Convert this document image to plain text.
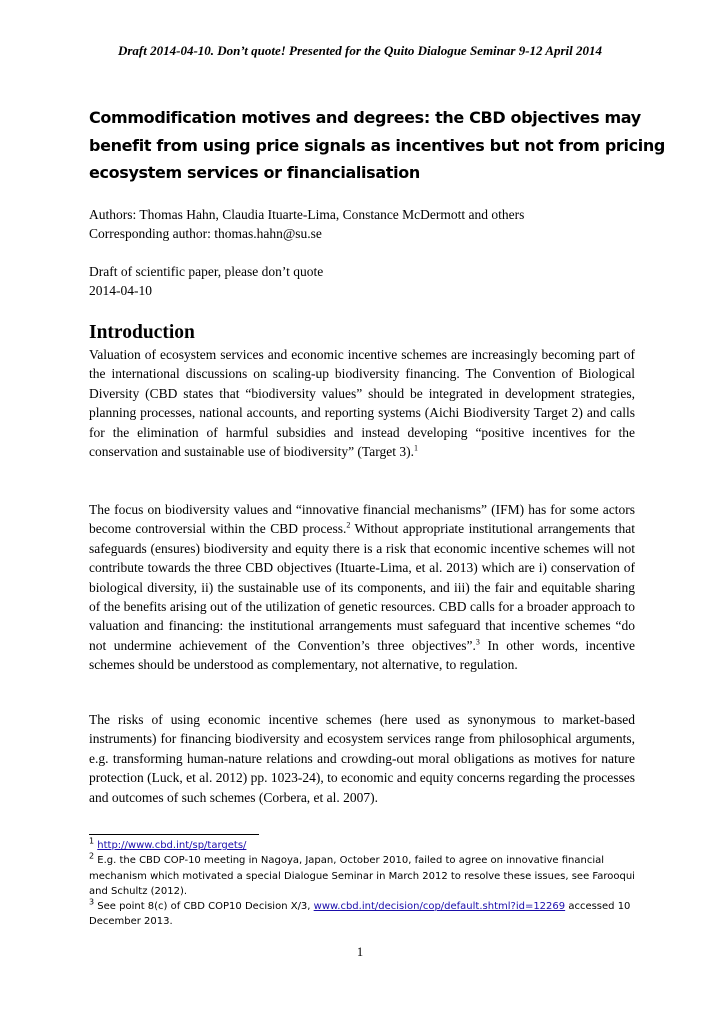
Draft 2014-04-10. Don’t quote! Presented for the Quito Dialogue Seminar 9-12 April 2014
Commodification motives and degrees: the CBD objectives may
benefit from using price signals as incentives but not from pricing
ecosystem services or financialisation
Authors: Thomas Hahn, Claudia Ituarte-Lima, Constance McDermott and others
Corresponding author: thomas.hahn@su.se
Draft of scientific paper, please don’t quote
2014-04-10
Introduction
Valuation of ecosystem services and economic incentive schemes are increasingly becoming part of the international discussions on scaling-up biodiversity financing. The Convention of Biological Diversity (CBD states that “biodiversity values” should be integrated in development strategies, planning processes, national accounts, and reporting systems (Aichi Biodiversity Target 2) and calls for the elimination of harmful subsidies and instead developing “positive incentives for the conservation and sustainable use of biodiversity” (Target 3).$^1$
The focus on biodiversity values and “innovative financial mechanisms” (IFM) has for some actors become controversial within the CBD process.$^2$ Without appropriate institutional arrangements that safeguards (ensures) biodiversity and equity there is a risk that economic incentive schemes will not contribute towards the three CBD objectives (Ituarte-Lima, et al. 2013) which are i) conservation of biological diversity, ii) the sustainable use of its components, and iii) the fair and equitable sharing of the benefits arising out of the utilization of genetic resources. CBD calls for a broader approach to valuation and financing: the institutional arrangements must safeguard that incentive schemes “do not undermine achievement of the Convention’s three objectives”.$^3$ In other words, incentive schemes should be understood as complementary, not alternative, to regulation.
The risks of using economic incentive schemes (here used as synonymous to market-based instruments) for financing biodiversity and ecosystem services range from philosophical arguments, e.g. transforming human-nature relations and crowding-out moral obligations as motives for nature protection (Luck, et al. 2012) pp. 1023-24), to economic and equity concerns regarding the processes and outcomes of such schemes (Corbera, et al. 2007).
$^1$ http://www.cbd.int/sp/targets/
$^2$ E.g. the CBD COP-10 meeting in Nagoya, Japan, October 2010, failed to agree on innovative financial mechanism which motivated a special Dialogue Seminar in March 2012 to resolve these issues, see Farooqui and Schultz (2012).
$^3$ See point 8(c) of CBD COP10 Decision X/3, www.cbd.int/decision/cop/default.shtml?id=12269 accessed 10 December 2013.
1
